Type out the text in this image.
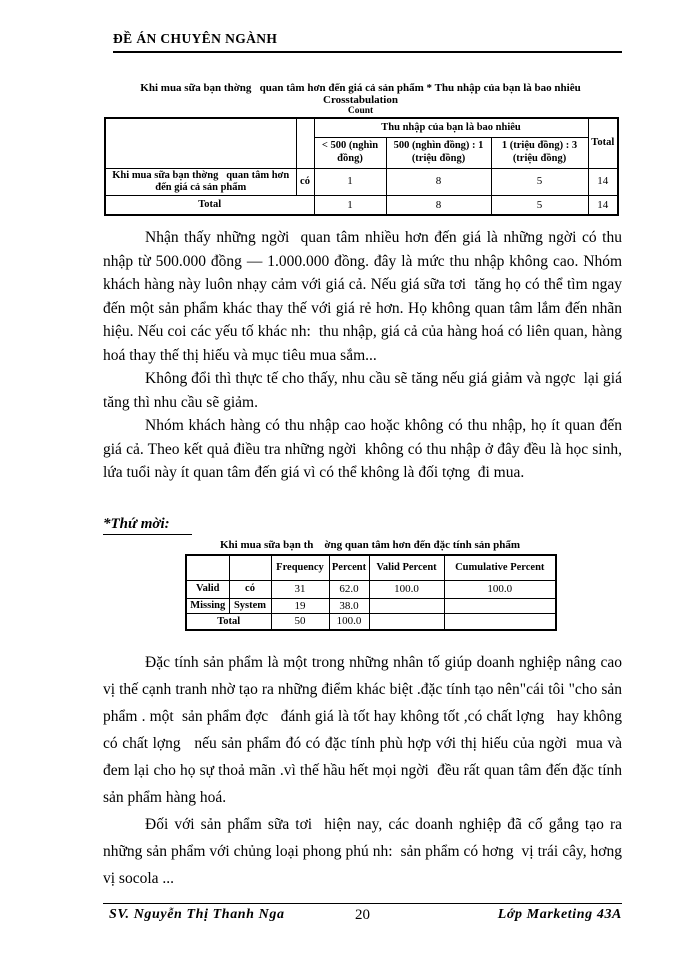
ĐỀ ÁN CHUYÊN NGÀNH
Khi mua sữa bạn thờng   quan tâm hơn đến giá cả sản phẩm * Thu nhập của bạn là bao nhiêu
Crosstabulation
Count
		Thu nhập của bạn là bao nhiêu			Total
		< 500 (nghìn đồng)	500 (nghìn đồng) : 1 (triệu đồng)	1 (triệu đồng) : 3 (triệu đồng)	
Khi mua sữa bạn thờng   quan tâm hơn đến giá cả sản phẩm	có	1	8	5	14
Total		1	8	5	14

Nhận thấy những ngời  quan tâm nhiều hơn đến giá là những ngời có thu nhập từ 500.000 đồng — 1.000.000 đồng. đây là mức thu nhập không cao. Nhóm khách hàng này luôn nhạy cảm với giá cả. Nếu giá sữa tơi  tăng họ có thể tìm ngay đến một sản phẩm khác thay thế với giá rẻ hơn. Họ không quan tâm lắm đến nhãn hiệu. Nếu coi các yếu tố khác nh:  thu nhập, giá cả của hàng hoá có liên quan, hàng hoá thay thế thị hiếu và mục tiêu mua sắm...

Không đổi thì thực tế cho thấy, nhu cầu sẽ tăng nếu giá giảm và ngợc  lại giá tăng thì nhu cầu sẽ giảm.

Nhóm khách hàng có thu nhập cao hoặc không có thu nhập, họ ít quan đến giá cả. Theo kết quả điều tra những ngời  không có thu nhập ở đây đều là học sinh, lứa tuổi này ít quan tâm đến giá vì có thể không là đối tợng  đi mua.

*Thứ mời:
Khi mua sữa bạn th    ờng quan tâm hơn đến đặc tính sản phẩm
		Frequency	Percent	Valid Percent	Cumulative Percent
Valid	có	31	62.0	100.0	100.0
Missing	System	19	38.0		
Total		50	100.0		

Đặc tính sản phẩm là một trong những nhân tố giúp doanh nghiệp nâng cao vị thế cạnh tranh nhờ tạo ra những điểm khác biệt .đặc tính tạo nên"cái tôi "cho sản phẩm . một  sản phẩm đợc   đánh giá là tốt hay không tốt ,có chất lợng   hay không có chất lợng   nếu sản phẩm đó có đặc tính phù hợp với thị hiếu của ngời  mua và đem lại cho họ sự thoả mãn .vì thế hầu hết mọi ngời  đều rất quan tâm đến đặc tính sản phẩm hàng hoá.

Đối với sản phẩm sữa tơi  hiện nay, các doanh nghiệp đã cố gắng tạo ra những sản phẩm với chủng loại phong phú nh:  sản phẩm có hơng  vị trái cây, hơng  vị socola ...

SV. Nguyễn Thị Thanh Nga	20	Lớp Marketing 43A
